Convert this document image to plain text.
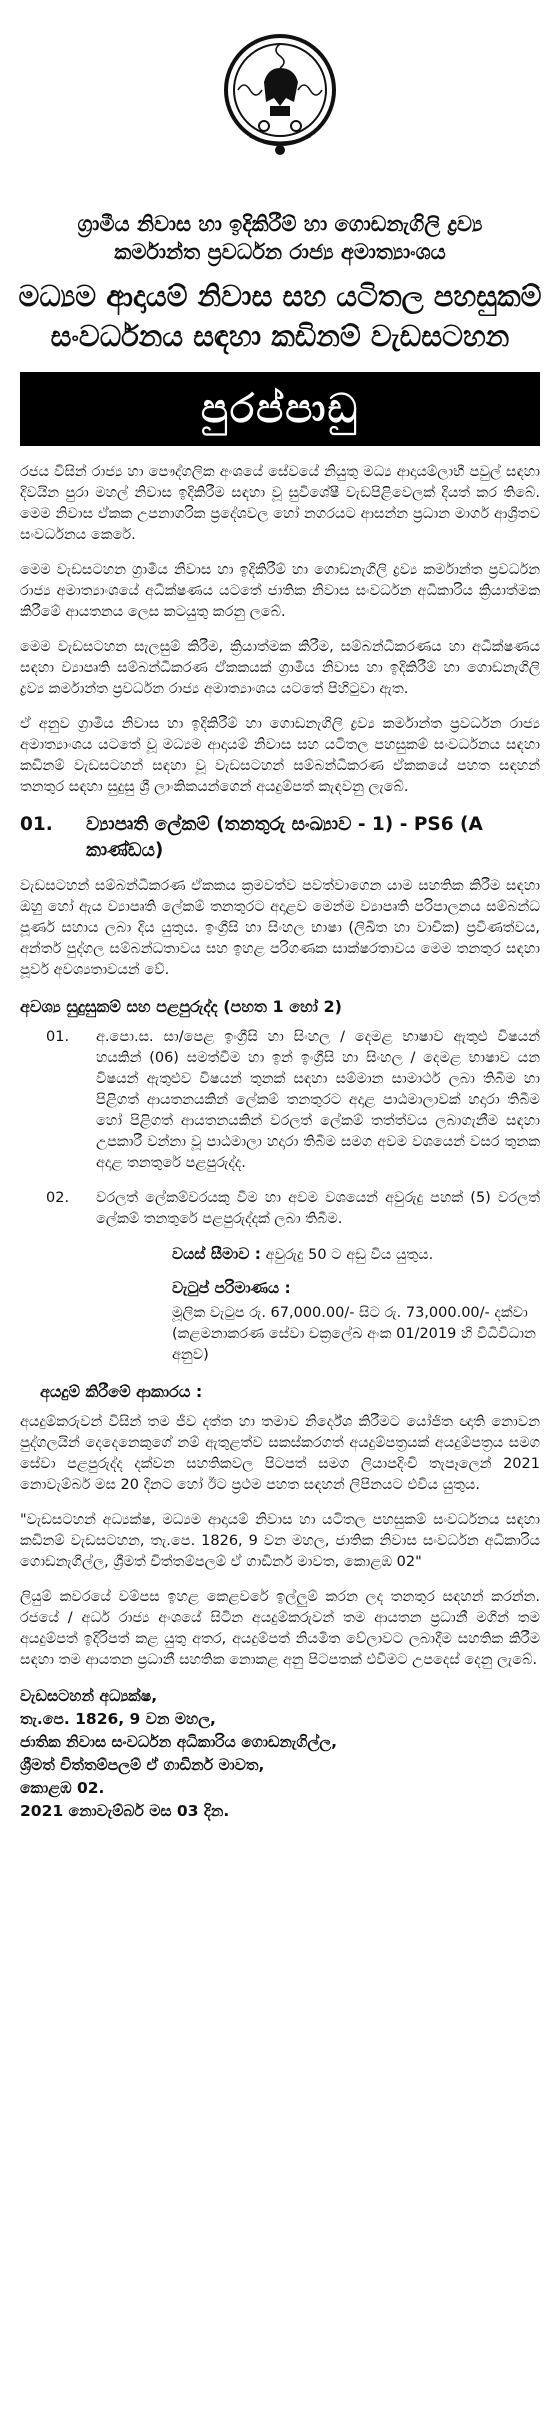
ග්‍රාමීය නිවාස හා ඉදිකිරීම් හා ගොඩනැගිලි ද්‍රව්‍ය
කර්මාන්ත ප්‍රවර්ධන රාජ්‍ය අමාත්‍යාංශය
මධ්‍යම ආදායම් නිවාස සහ යටිතල පහසුකම්
සංවර්ධනය සඳහා කඩිනම් වැඩසටහන
පුරප්පාඩු

රජය විසින් රාජ්‍ය හා පෞද්ගලික අංශයේ සේවයේ නියුතු මධ්‍ය ආදායම්ලාභී පවුල් සඳහා දිවයින පුරා මහල් නිවාස ඉදිකිරීම සඳහා වූ සුවිශේෂී වැඩපිළිවෙලක් දියත් කර තිබේ. මෙම නිවාස ඒකක උපනාගරික ප්‍රදේශවල හෝ නගරයට ආසන්න ප්‍රධාන මාර්ග ආශ්‍රිතව සංවර්ධනය කෙරේ.

මෙම වැඩසටහන ග්‍රාමීය නිවාස හා ඉදිකිරීම් හා ගොඩනැගිලි ද්‍රව්‍ය කර්මාන්ත ප්‍රවර්ධන රාජ්‍ය අමාත්‍යාංශයේ අධීක්ෂණය යටතේ ජාතික නිවාස සංවර්ධන අධිකාරිය ක්‍රියාත්මක කිරීමේ ආයතනය ලෙස කටයුතු කරනු ලබේ.

මෙම වැඩසටහන සැලසුම් කිරීම, ක්‍රියාත්මක කිරීම, සම්බන්ධීකරණය හා අධීක්ෂණය සඳහා ව්‍යාපෘති සම්බන්ධීකරණ ඒකකයක් ග්‍රාමීය නිවාස හා ඉදිකිරීම් හා ගොඩනැගිලි ද්‍රව්‍ය කර්මාන්ත ප්‍රවර්ධන රාජ්‍ය අමාත්‍යාංශය යටතේ පිහිටුවා ඇත.

ඒ අනුව ග්‍රාමීය නිවාස හා ඉදිකිරීම් හා ගොඩනැගිලි ද්‍රව්‍ය කර්මාන්ත ප්‍රවර්ධන රාජ්‍ය අමාත්‍යාංශය යටතේ වූ මධ්‍යම ආදායම් නිවාස සහ යටිතල පහසුකම් සංවර්ධනය සඳහා කඩිනම් වැඩසටහන් සඳහා වූ වැඩසටහන් සම්බන්ධීකරණ ඒකකයේ පහත සඳහන් තනතුර සඳහා සුදුසු ශ්‍රී ලාංකිකයන්ගෙන් අයදුම්පත් කැඳවනු ලැබේ.

01.	ව්‍යාපෘති ලේකම් (තනතුරු සංඛ්‍යාව - 1) - PS6 (A කාණ්ඩය)

වැඩසටහන් සම්බන්ධීකරණ ඒකකය ක්‍රමවත්ව පවත්වාගෙන යාම සහතික කිරීම සඳහා ඔහු හෝ ඇය ව්‍යාපෘති ලේකම් තනතුරට අදාළව මෙන්ම ව්‍යාපෘති පරිපාලනය සම්බන්ධ පූර්ණ සහාය ලබා දිය යුතුය. ඉංග්‍රීසි හා සිංහල භාෂා (ලිඛිත හා වාචික) ප්‍රවීණත්වය, අන්තර් පුද්ගල සම්බන්ධතාවය සහ ඉහළ පරිගණක සාක්ෂරතාවය මෙම තනතුර සඳහා පූර්ව අවශ්‍යතාවයන් වේ.

අවශ්‍ය සුදුසුකම් සහ පළපුරුද්ද (පහත 1 හෝ 2)
01.	අ.පො.ස. සා/පෙළ ඉංග්‍රීසි හා සිංහල / දෙමළ භාෂාව ඇතුළු විෂයන් හයකින් (06) සමත්වීම හා ඉන් ඉංග්‍රීසි හා සිංහල / දෙමළ භාෂාව යන විෂයන් ඇතුළුව විෂයන් තුනක් සඳහා සම්මාන සාමාර්ථ ලබා තිබීම හා පිළිගත් ආයතනයකින් ලේකම් තනතුරට අදාළ පාඨමාලාවක් හදාරා තිබීම හෝ පිළිගත් ආයතනයකින් වරලත් ලේකම් තත්ත්වය ලබාගැනීම සඳහා උපකාරී වන්නා වූ පාඨමාලා හදාරා තිබීම සමග අවම වශයෙන් වසර තුනක අදාළ තනතුරේ පළපුරුද්ද.
02.	වරලත් ලේකම්වරයකු වීම හා අවම වශයෙන් අවුරුදු පහක් (5) වරලත් ලේකම් තනතුරේ පළපුරුද්දක් ලබා තිබීම.
වයස් සීමාව : අවුරුදු 50 ට අඩු විය යුතුය.
වැටුප් පරිමාණය :
මූලික වැටුප රු. 67,000.00/- සිට රු. 73,000.00/- දක්වා (කළමනාකරණ සේවා චක්‍රලේඛ අංක 01/2019 හි විධිවිධාන අනුව)
අයදුම් කිරීමේ ආකාරය :

අයදුම්කරුවන් විසින් තම ජීව දත්ත හා තමාව නිර්දේශ කිරීමට යෝජිත ඥාති නොවන පුද්ගලයින් දෙදෙනෙකුගේ නම් ඇතුළත්ව සකස්කරගත් අයදුම්පත්‍රයක් අයදුම්පත්‍රය සමග සේවා පළපුරුද්ද දක්වන සහතිකවල පිටපත් සමග ලියාපදිංචි තැපෑලෙන් 2021 නොවැම්බර් මස 20 දිනට හෝ ඊට ප්‍රථම පහත සඳහන් ලිපිනයට එවිය යුතුය.

"වැඩසටහන් අධ්‍යක්ෂ, මධ්‍යම ආදායම් නිවාස හා යටිතල පහසුකම් සංවර්ධනය සඳහා කඩිනම් වැඩසටහන, තැ.පෙ. 1826, 9 වන මහල, ජාතික නිවාස සංවර්ධන අධිකාරිය ගොඩනැගිල්ල, ශ්‍රීමත් චිත්තම්පලම් ඒ ගාඩිනර් මාවත, කොළඹ 02"

ලියුම් කවරයේ වම්පස ඉහළ කෙළවරේ ඉල්ලුම් කරන ලද තනතුර සඳහන් කරන්න. රජයේ / අර්ධ රාජ්‍ය අංශයේ සිටින අයදුම්කරුවන් තම ආයතන ප්‍රධානී මගින් තම අයදුම්පත් ඉදිරිපත් කළ යුතු අතර, අයදුම්පත් නියමිත වේලාවට ලබාදීම සහතික කිරීම සඳහා තම ආයතන ප්‍රධානී සහතික නොකළ අනු පිටපතක් එවීමට උපදෙස් දෙනු ලැබේ.

වැඩසටහන් අධ්‍යක්ෂ,
තැ.පෙ. 1826, 9 වන මහල,
ජාතික නිවාස සංවර්ධන අධිකාරිය ගොඩනැගිල්ල,
ශ්‍රීමත් චිත්තම්පලම් ඒ ගාඩිනර් මාවත,
කොළඹ 02.
2021 නොවැම්බර් මස 03 දින.
